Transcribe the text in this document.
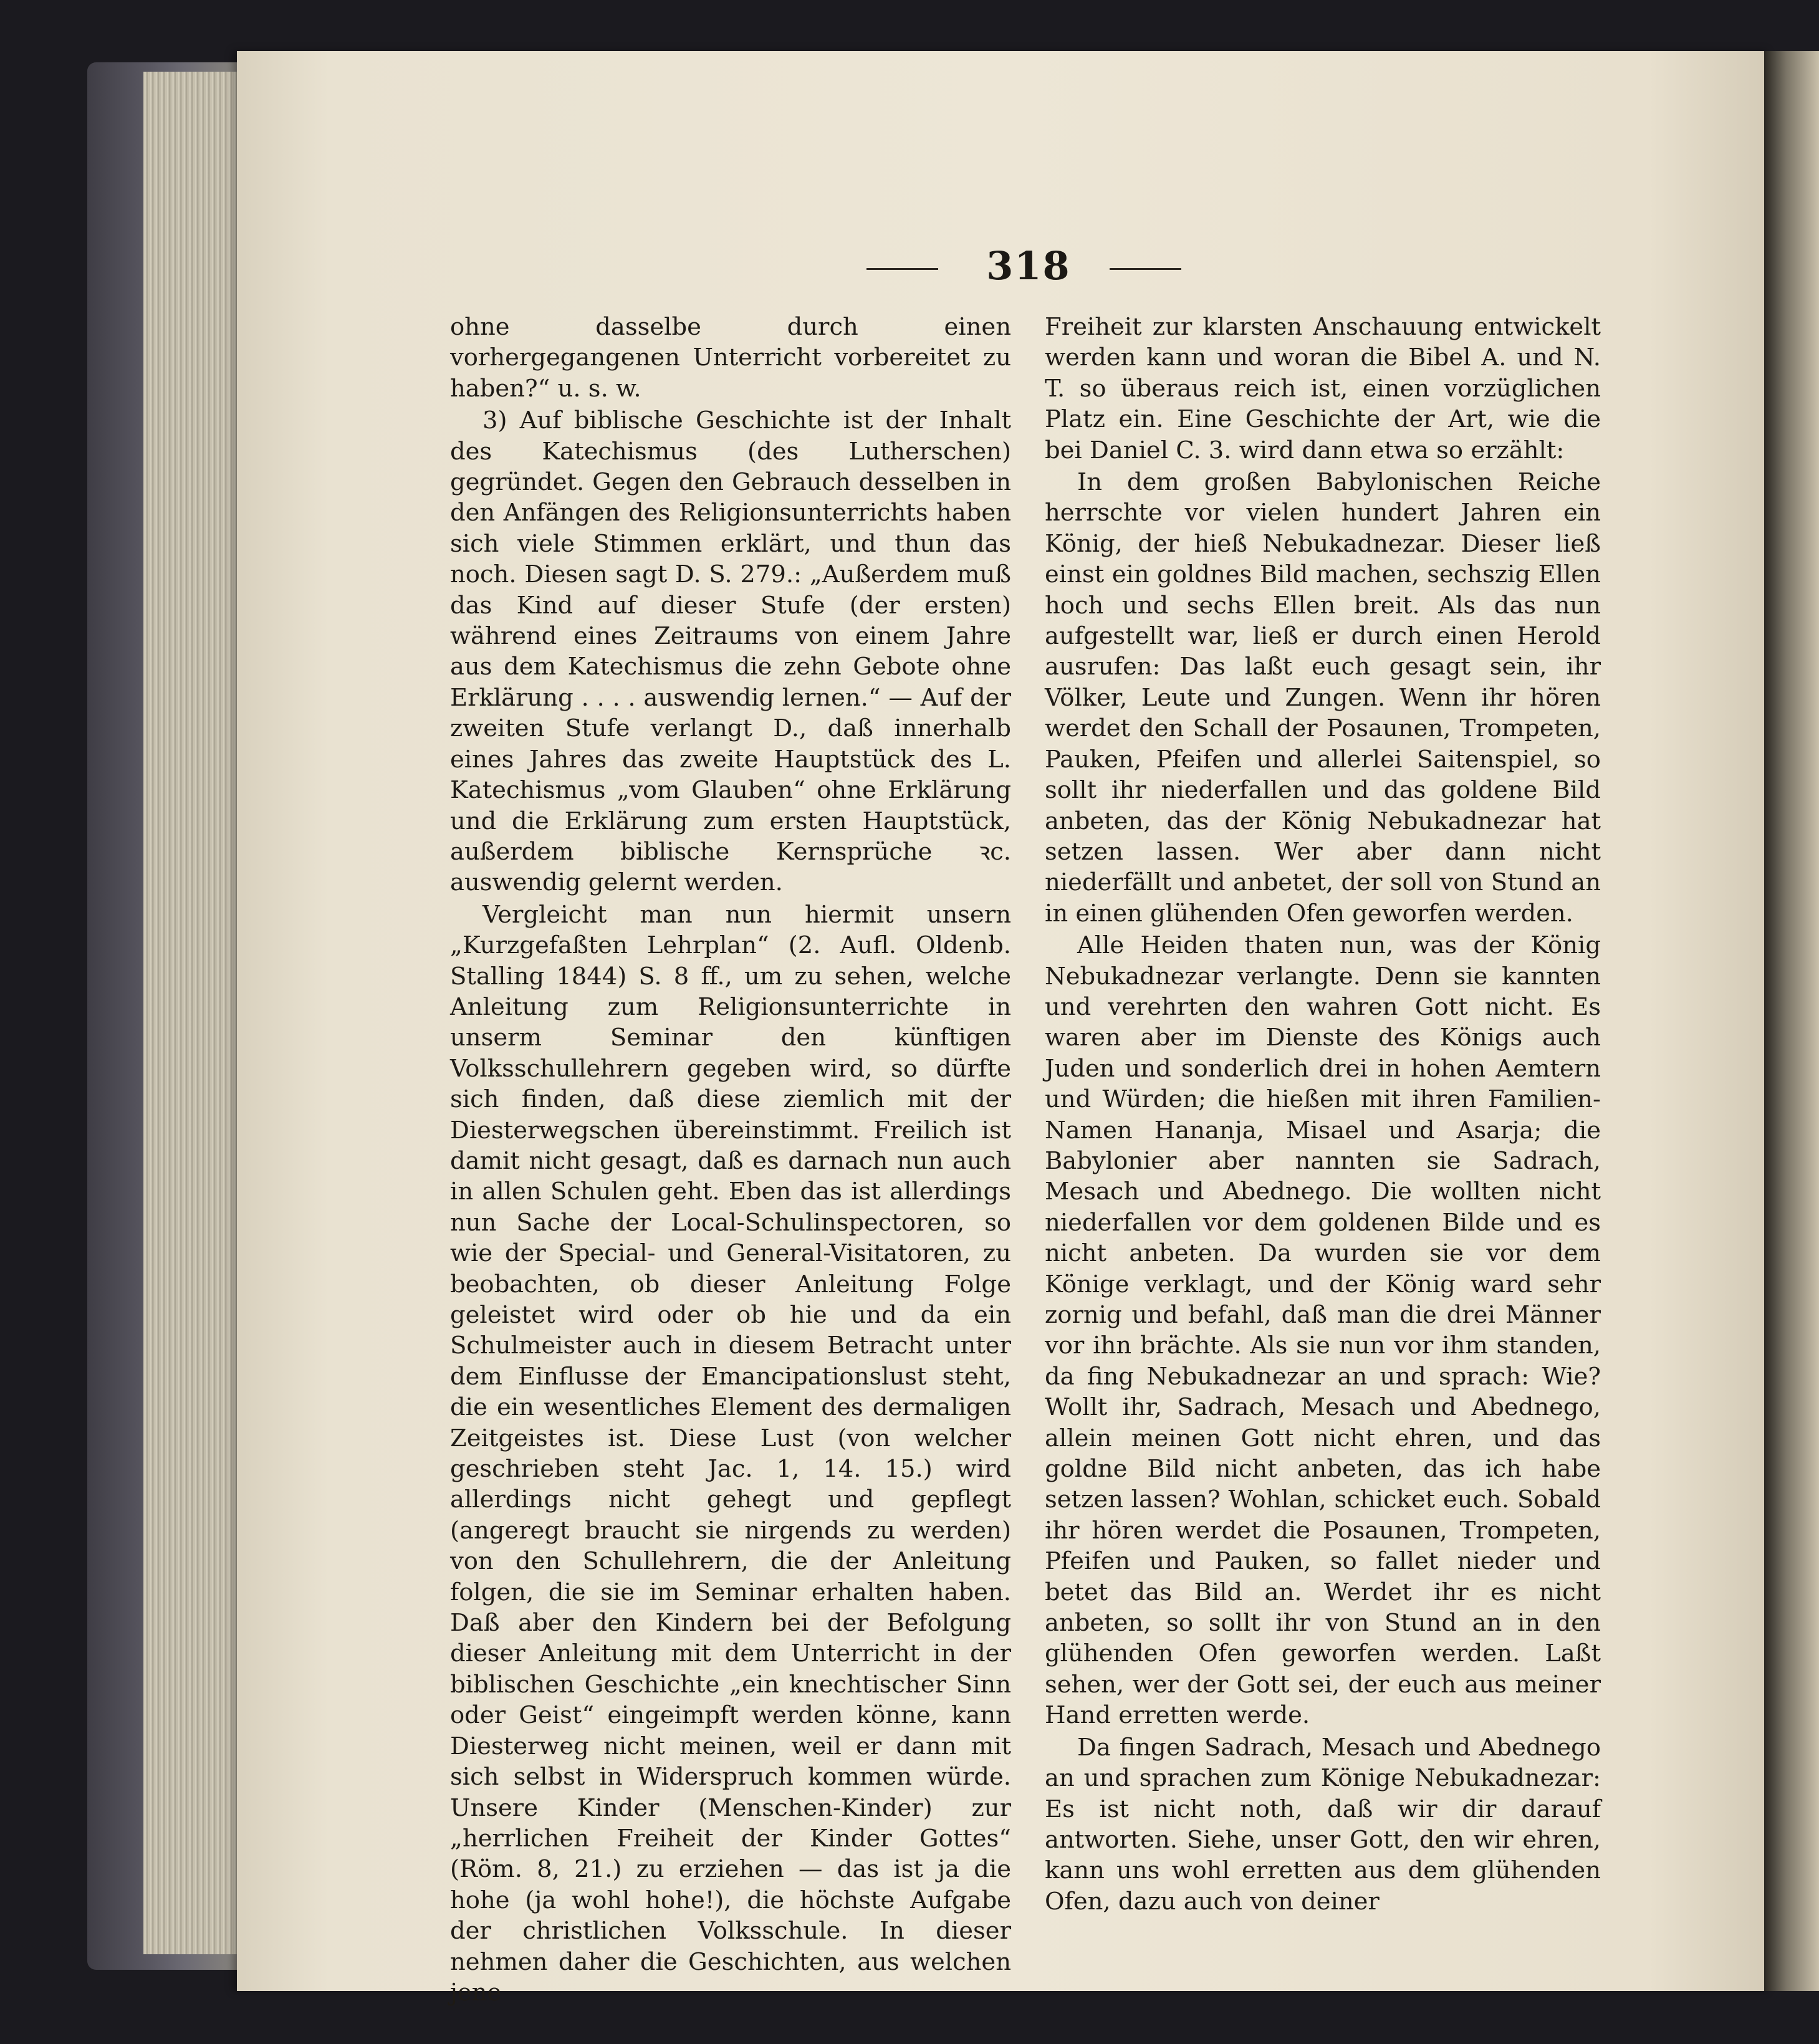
318

ohne dasselbe durch einen vorhergegangenen Unterricht vorbereitet zu haben?“ u. s. w.

3) Auf biblische Geschichte ist der Inhalt des Katechismus (des Lutherschen) gegründet. Gegen den Gebrauch desselben in den Anfängen des Religionsunterrichts haben sich viele Stimmen erklärt, und thun das noch. Diesen sagt D. S. 279.: „Außerdem muß das Kind auf dieser Stufe (der ersten) während eines Zeitraums von einem Jahre aus dem Katechismus die zehn Gebote ohne Erklärung . . . . auswendig lernen.“ — Auf der zweiten Stufe verlangt D., daß innerhalb eines Jahres das zweite Hauptstück des L. Katechismus „vom Glauben“ ohne Erklärung und die Erklärung zum ersten Hauptstück, außerdem biblische Kernsprüche ꝛc. auswendig gelernt werden.

Vergleicht man nun hiermit unsern „Kurzgefaßten Lehrplan“ (2. Aufl. Oldenb. Stalling 1844) S. 8 ff., um zu sehen, welche Anleitung zum Religionsunterrichte in unserm Seminar den künftigen Volksschullehrern gegeben wird, so dürfte sich finden, daß diese ziemlich mit der Diesterwegschen übereinstimmt. Freilich ist damit nicht gesagt, daß es darnach nun auch in allen Schulen geht. Eben das ist allerdings nun Sache der Local-Schulinspectoren, so wie der Special- und General-Visitatoren, zu beobachten, ob dieser Anleitung Folge geleistet wird oder ob hie und da ein Schulmeister auch in diesem Betracht unter dem Einflusse der Emancipationslust steht, die ein wesentliches Element des dermaligen Zeitgeistes ist. Diese Lust (von welcher geschrieben steht Jac. 1, 14. 15.) wird allerdings nicht gehegt und gepflegt (angeregt braucht sie nirgends zu werden) von den Schullehrern, die der Anleitung folgen, die sie im Seminar erhalten haben. Daß aber den Kindern bei der Befolgung dieser Anleitung mit dem Unterricht in der biblischen Geschichte „ein knechtischer Sinn oder Geist“ eingeimpft werden könne, kann Diesterweg nicht meinen, weil er dann mit sich selbst in Widerspruch kommen würde. Unsere Kinder (Menschen-Kinder) zur „herrlichen Freiheit der Kinder Gottes“ (Röm. 8, 21.) zu erziehen — das ist ja die hohe (ja wohl hohe!), die höchste Aufgabe der christlichen Volksschule. In dieser nehmen daher die Geschichten, aus welchen jene

Freiheit zur klarsten Anschauung entwickelt werden kann und woran die Bibel A. und N. T. so überaus reich ist, einen vorzüglichen Platz ein. Eine Geschichte der Art, wie die bei Daniel C. 3. wird dann etwa so erzählt:

In dem großen Babylonischen Reiche herrschte vor vielen hundert Jahren ein König, der hieß Nebukadnezar. Dieser ließ einst ein goldnes Bild machen, sechszig Ellen hoch und sechs Ellen breit. Als das nun aufgestellt war, ließ er durch einen Herold ausrufen: Das laßt euch gesagt sein, ihr Völker, Leute und Zungen. Wenn ihr hören werdet den Schall der Posaunen, Trompeten, Pauken, Pfeifen und allerlei Saitenspiel, so sollt ihr niederfallen und das goldene Bild anbeten, das der König Nebukadnezar hat setzen lassen. Wer aber dann nicht niederfällt und anbetet, der soll von Stund an in einen glühenden Ofen geworfen werden.

Alle Heiden thaten nun, was der König Nebukadnezar verlangte. Denn sie kannten und verehrten den wahren Gott nicht. Es waren aber im Dienste des Königs auch Juden und sonderlich drei in hohen Aemtern und Würden; die hießen mit ihren Familien-Namen Hananja, Misael und Asarja; die Babylonier aber nannten sie Sadrach, Mesach und Abednego. Die wollten nicht niederfallen vor dem goldenen Bilde und es nicht anbeten. Da wurden sie vor dem Könige verklagt, und der König ward sehr zornig und befahl, daß man die drei Männer vor ihn brächte. Als sie nun vor ihm standen, da fing Nebukadnezar an und sprach: Wie? Wollt ihr, Sadrach, Mesach und Abednego, allein meinen Gott nicht ehren, und das goldne Bild nicht anbeten, das ich habe setzen lassen? Wohlan, schicket euch. Sobald ihr hören werdet die Posaunen, Trompeten, Pfeifen und Pauken, so fallet nieder und betet das Bild an. Werdet ihr es nicht anbeten, so sollt ihr von Stund an in den glühenden Ofen geworfen werden. Laßt sehen, wer der Gott sei, der euch aus meiner Hand erretten werde.

Da fingen Sadrach, Mesach und Abednego an und sprachen zum Könige Nebukadnezar: Es ist nicht noth, daß wir dir darauf antworten. Siehe, unser Gott, den wir ehren, kann uns wohl erretten aus dem glühenden Ofen, dazu auch von deiner
